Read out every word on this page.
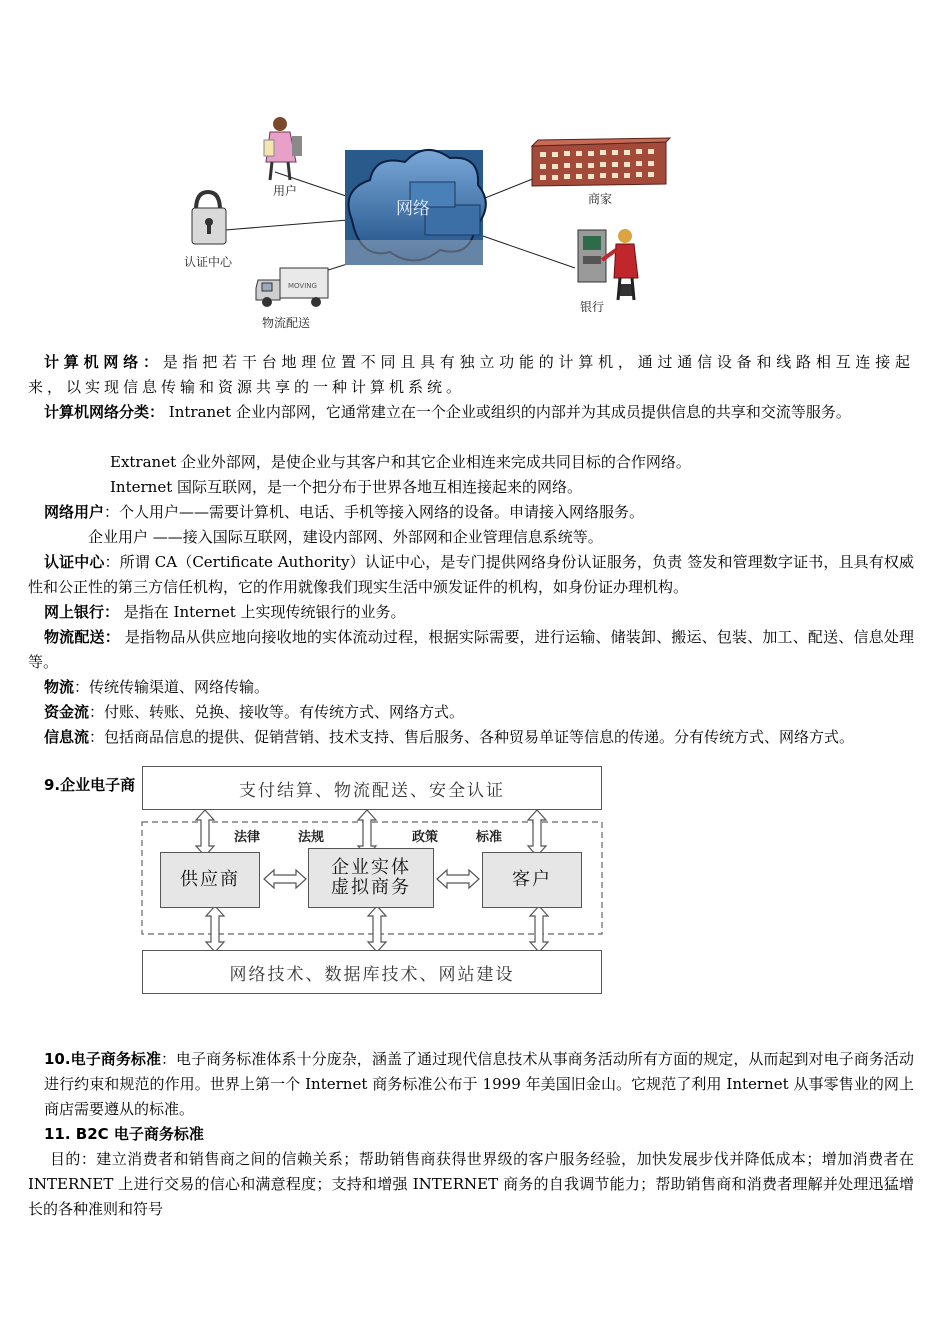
MOVING
网络
用户
商家
认证中心
银行
物流配送
计算机网络：是指把若干台地理位置不同且具有独立功能的计算机，通过通信设备和线路相互连接起来，以实现信息传输和资源共享的一种计算机系统。
计算机网络分类： Intranet 企业内部网，它通常建立在一个企业或组织的内部并为其成员提供信息的共享和交流等服务。
Extranet 企业外部网，是使企业与其客户和其它企业相连来完成共同目标的合作网络。
Internet 国际互联网，是一个把分布于世界各地互相连接起来的网络。
网络用户：个人用户——需要计算机、电话、手机等接入网络的设备。申请接入网络服务。
企业用户 ——接入国际互联网，建设内部网、外部网和企业管理信息系统等。
认证中心：所谓 CA（Certificate Authority）认证中心，是专门提供网络身份认证服务，负责 签发和管理数字证书，且具有权威性和公正性的第三方信任机构，它的作用就像我们现实生活中颁发证件的机构，如身份证办理机构。
网上银行： 是指在 Internet 上实现传统银行的业务。
物流配送： 是指物品从供应地向接收地的实体流动过程，根据实际需要，进行运输、储装卸、搬运、包装、加工、配送、信息处理等。
物流：传统传输渠道、网络传输。
资金流：付账、转账、兑换、接收等。有传统方式、网络方式。
信息流：包括商品信息的提供、促销营销、技术支持、售后服务、各种贸易单证等信息的传递。分有传统方式、网络方式。
9.企业电子商	支付结算、物流配送、安全认证
网络技术、数据库技术、网站建设
供应商
企业实体
虚拟商务	客户
法律	法规	政策	标准
10.电子商务标准：电子商务标准体系十分庞杂，涵盖了通过现代信息技术从事商务活动所有方面的规定，从而起到对电子商务活动进行约束和规范的作用。世界上第一个 Internet 商务标准公布于 1999 年美国旧金山。它规范了利用 Internet 从事零售业的网上商店需要遵从的标准。
11. B2C 电子商务标准
目的：建立消费者和销售商之间的信赖关系；帮助销售商获得世界级的客户服务经验，加快发展步伐并降低成本；增加消费者在 INTERNET 上进行交易的信心和满意程度；支持和增强 INTERNET 商务的自我调节能力；帮助销售商和消费者理解并处理迅猛增长的各种准则和符号
